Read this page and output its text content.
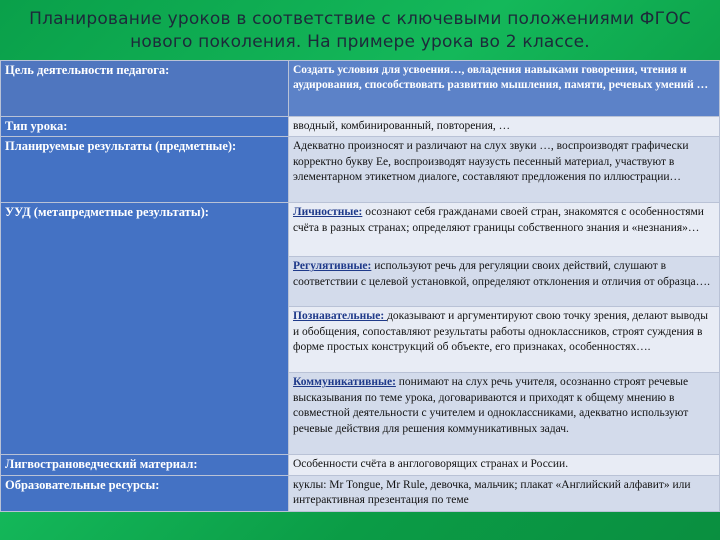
Планирование уроков в соответствие с ключевыми положениями ФГОС
нового поколения. На примере урока во 2 классе.
Цель деятельности педагога:	Создать условия для усвоения…, овладения навыками говорения, чтения и аудирования, способствовать развитию мышления, памяти, речевых умений …
Тип урока:	вводный, комбинированный, повторения, …
Планируемые результаты (предметные):	Адекватно произносят и различают на слух звуки …, воспроизводят графически корректно букву Ee, воспроизводят наузусть песенный материал, участвуют в элементарном этикетном диалоге, составляют предложения по иллюстрации…
УУД (метапредметные результаты):	Личностные: осознают себя гражданами своей стран, знакомятся с особенностями счёта в разных странах; определяют границы собственного знания и «незнания»…
	Регулятивные: используют речь для регуляции своих действий, слушают в соответствии с целевой установкой, определяют отклонения и отличия от образца….
	Познавательные: доказывают и аргументируют свою точку зрения, делают выводы и обобщения, сопоставляют результаты работы одноклассников, строят суждения в форме простых конструкций об объекте, его признаках, особенностях….
	Коммуникативные: понимают на слух речь учителя, осознанно строят речевые высказывания по теме урока, договариваются и приходят к общему мнению в совместной деятельности с учителем и одноклассниками, адекватно используют речевые действия для решения коммуникативных задач.
Лигвострановедческий материал:	Особенности счёта в англоговорящих странах и России.
Образовательные ресурсы:	куклы: Mr Tongue, Mr Rule, девочка, мальчик; плакат «Английский алфавит» или интерактивная презентация по теме
